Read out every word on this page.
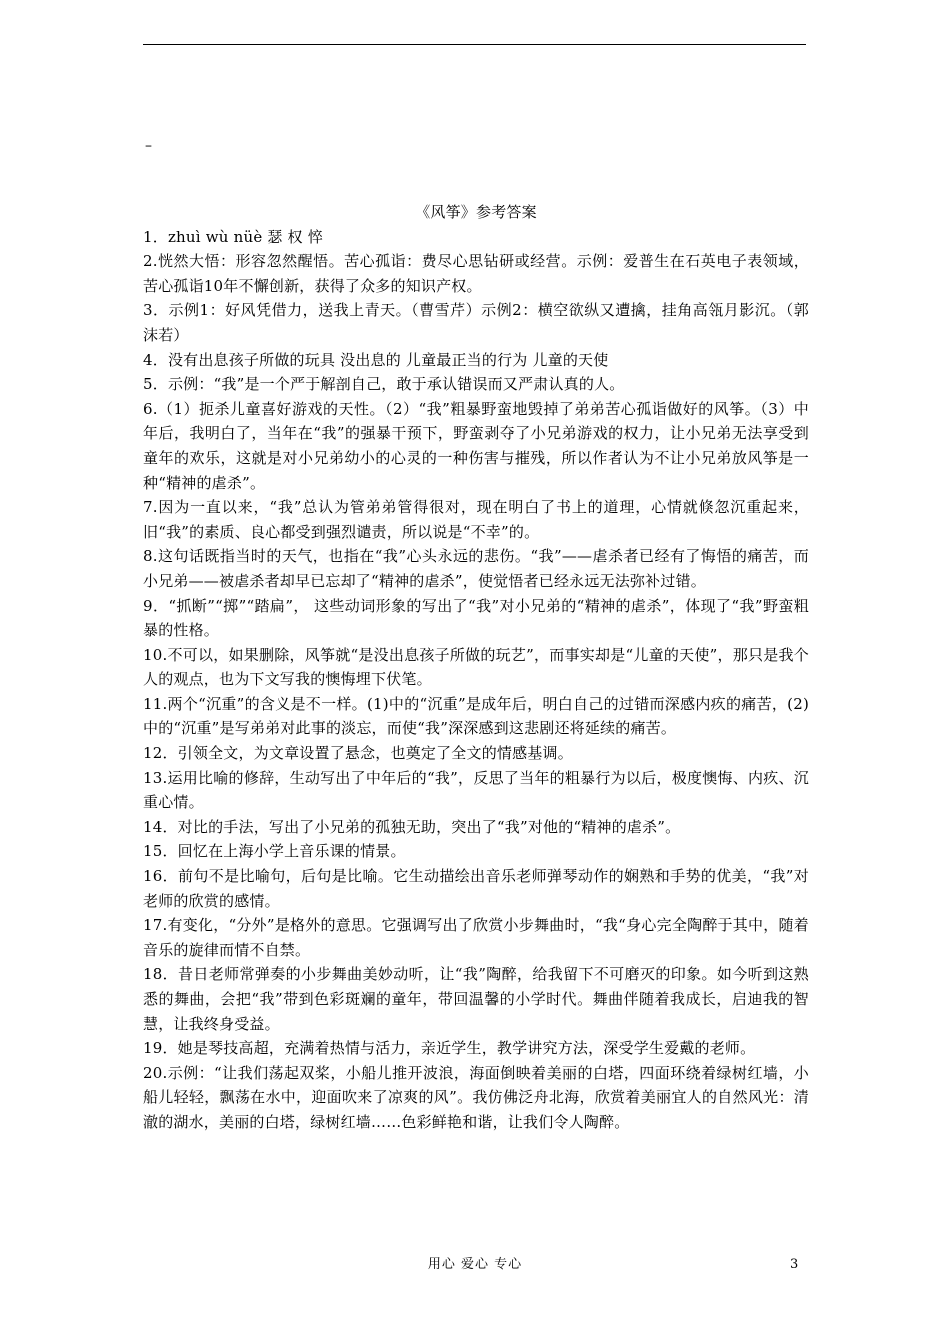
–

《风筝》参考答案

1．zhuì wù nüè 瑟 权 悴

2.恍然大悟：形容忽然醒悟。苦心孤诣：费尽心思钻研或经营。示例：爱普生在石英电子表领域，苦心孤诣10年不懈创新，获得了众多的知识产权。

3．示例1：好风凭借力，送我上青天。（曹雪芹）示例2：横空欲纵又遭擒，挂角高瓴月影沉。（郭沫若）

4．没有出息孩子所做的玩具 没出息的 儿童最正当的行为 儿童的天使

5．示例：“我”是一个严于解剖自己，敢于承认错误而又严肃认真的人。

6.（1）扼杀儿童喜好游戏的天性。（2）“我”粗暴野蛮地毁掉了弟弟苦心孤诣做好的风筝。（3）中年后，我明白了，当年在“我”的强暴干预下，野蛮剥夺了小兄弟游戏的权力，让小兄弟无法享受到童年的欢乐，这就是对小兄弟幼小的心灵的一种伤害与摧残，所以作者认为不让小兄弟放风筝是一种“精神的虐杀”。

7.因为一直以来，“我”总认为管弟弟管得很对，现在明白了书上的道理，心情就倏忽沉重起来，旧“我”的素质、良心都受到强烈谴责，所以说是“不幸”的。

8.这句话既指当时的天气，也指在“我”心头永远的悲伤。“我”——虐杀者已经有了悔悟的痛苦，而小兄弟——被虐杀者却早已忘却了“精神的虐杀”，使觉悟者已经永远无法弥补过错。

9．“抓断”“掷”“踏扁”， 这些动词形象的写出了“我”对小兄弟的“精神的虐杀”，体现了“我”野蛮粗暴的性格。

10.不可以，如果删除，风筝就“是没出息孩子所做的玩艺”，而事实却是“儿童的天使”，那只是我个人的观点，也为下文写我的懊悔埋下伏笔。

11.两个“沉重”的含义是不一样。(1)中的“沉重”是成年后，明白自己的过错而深感内疚的痛苦，(2)中的“沉重”是写弟弟对此事的淡忘，而使“我”深深感到这悲剧还将延续的痛苦。

12．引领全文，为文章设置了悬念，也奠定了全文的情感基调。

13.运用比喻的修辞，生动写出了中年后的“我”，反思了当年的粗暴行为以后，极度懊悔、内疚、沉重心情。

14．对比的手法，写出了小兄弟的孤独无助，突出了“我”对他的“精神的虐杀”。

15．回忆在上海小学上音乐课的情景。

16．前句不是比喻句，后句是比喻。它生动描绘出音乐老师弹琴动作的娴熟和手势的优美，“我”对老师的欣赏的感情。

17.有变化，“分外”是格外的意思。它强调写出了欣赏小步舞曲时，“我“身心完全陶醉于其中，随着音乐的旋律而情不自禁。

18．昔日老师常弹奏的小步舞曲美妙动听，让“我”陶醉，给我留下不可磨灭的印象。如今听到这熟悉的舞曲，会把“我”带到色彩斑斓的童年，带回温馨的小学时代。舞曲伴随着我成长，启迪我的智慧，让我终身受益。

19．她是琴技高超，充满着热情与活力，亲近学生，教学讲究方法，深受学生爱戴的老师。

20.示例：“让我们荡起双桨，小船儿推开波浪，海面倒映着美丽的白塔，四面环绕着绿树红墙，小船儿轻轻，飘荡在水中，迎面吹来了凉爽的风”。我仿佛泛舟北海，欣赏着美丽宜人的自然风光：清澈的湖水，美丽的白塔，绿树红墙……色彩鲜艳和谐，让我们令人陶醉。

用心 爱心 专心	3
